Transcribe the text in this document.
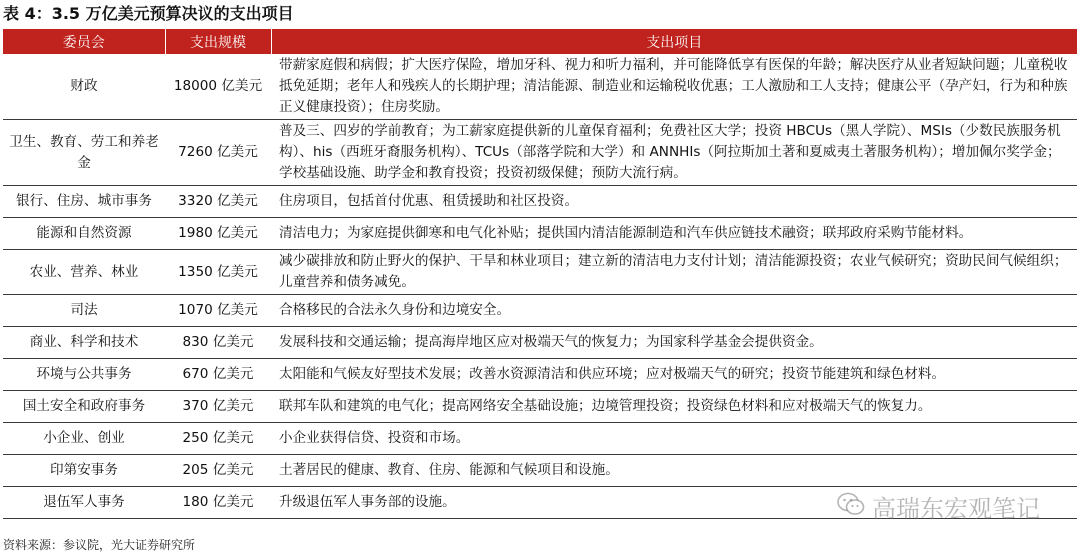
表 4：3.5 万亿美元预算决议的支出项目
委员会	支出规模	支出项目
财政	18000 亿美元	带薪家庭假和病假；扩大医疗保险，增加牙科、视力和听力福利，并可能降低享有医保的年龄；解决医疗从业者短缺问题；儿童税收抵免延期；老年人和残疾人的长期护理；清洁能源、制造业和运输税收优惠；工人激励和工人支持；健康公平（孕产妇，行为和种族正义健康投资）；住房奖励。
卫生、教育、劳工和养老金	7260 亿美元	普及三、四岁的学前教育；为工薪家庭提供新的儿童保育福利；免费社区大学；投资 HBCUs（黑人学院）、MSIs（少数民族服务机构）、his（西班牙裔服务机构）、TCUs（部落学院和大学）和 ANNHIs（阿拉斯加土著和夏威夷土著服务机构）；增加佩尔奖学金；学校基础设施、助学金和教育投资；投资初级保健；预防大流行病。
银行、住房、城市事务	3320 亿美元	住房项目，包括首付优惠、租赁援助和社区投资。
能源和自然资源	1980 亿美元	清洁电力；为家庭提供御寒和电气化补贴；提供国内清洁能源制造和汽车供应链技术融资；联邦政府采购节能材料。
农业、营养、林业	1350 亿美元	减少碳排放和防止野火的保护、干旱和林业项目；建立新的清洁电力支付计划；清洁能源投资；农业气候研究；资助民间气候组织；儿童营养和债务减免。
司法	1070 亿美元	合格移民的合法永久身份和边境安全。
商业、科学和技术	830 亿美元	发展科技和交通运输；提高海岸地区应对极端天气的恢复力；为国家科学基金会提供资金。
环境与公共事务	670 亿美元	太阳能和气候友好型技术发展；改善水资源清洁和供应环境；应对极端天气的研究；投资节能建筑和绿色材料。
国土安全和政府事务	370 亿美元	联邦车队和建筑的电气化；提高网络安全基础设施；边境管理投资；投资绿色材料和应对极端天气的恢复力。
小企业、创业	250 亿美元	小企业获得信贷、投资和市场。
印第安事务	205 亿美元	土著居民的健康、教育、住房、能源和气候项目和设施。
退伍军人事务	180 亿美元	升级退伍军人事务部的设施。	高瑞东宏观笔记
资料来源：参议院，光大证券研究所
